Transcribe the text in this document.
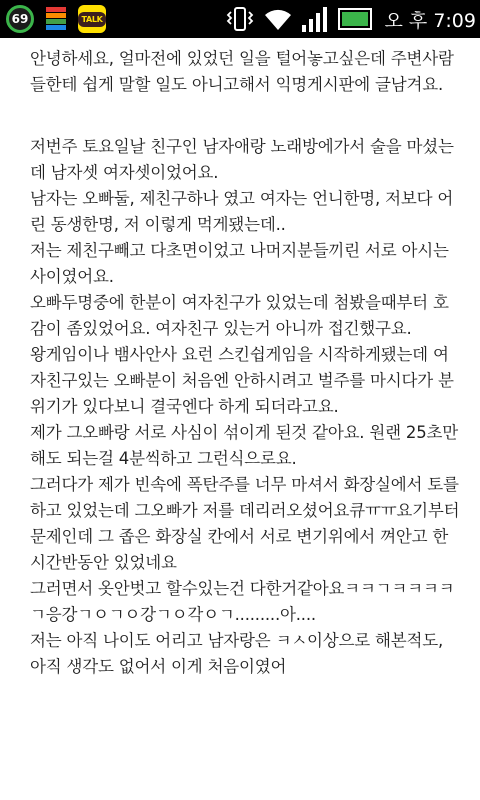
69	TALK	오 후 7:09

안녕하세요, 얼마전에 있었던 일을 털어놓고싶은데 주변사람들한테 쉽게 말할 일도 아니고해서 익명게시판에 글남겨요.

저번주 토요일날 친구인 남자애랑 노래방에가서 술을 마셨는데 남자셋 여자셋이었어요.

남자는 오빠둘, 제친구하나 였고 여자는 언니한명, 저보다 어린 동생한명, 저 이렇게 먹게됐는데..

저는 제친구빼고 다초면이었고 나머지분들끼린 서로 아시는사이였어요.

오빠두명중에 한분이 여자친구가 있었는데 첨봤을때부터 호감이 좀있었어요. 여자친구 있는거 아니까 접긴했구요.

왕게임이나 뱀사안사 요런 스킨쉽게임을 시작하게됐는데 여자친구있는 오빠분이 처음엔 안하시려고 벌주를 마시다가 분위기가 있다보니 결국엔다 하게 되더라고요.

제가 그오빠랑 서로 사심이 섞이게 된것 같아요. 원랜 25초만해도 되는걸 4분씩하고 그런식으로요.

그러다가 제가 빈속에 폭탄주를 너무 마셔서 화장실에서 토를하고 있었는데 그오빠가 저를 데리러오셨어요큐ㅠㅠ요기부터 문제인데 그 좁은 화장실 칸에서 서로 변기위에서 껴안고 한시간반동안 있었네요

그러면서 옷안벗고 할수있는건 다한거같아요ㅋㅋㄱㅋㅋㅋㅋㄱ응강ㄱㅇㄱㅇ강ㄱㅇ각ㅇㄱ.........아....

저는 아직 나이도 어리고 남자랑은 ㅋㅅ이상으로 해본적도, 아직 생각도 없어서 이게 처음이였어
